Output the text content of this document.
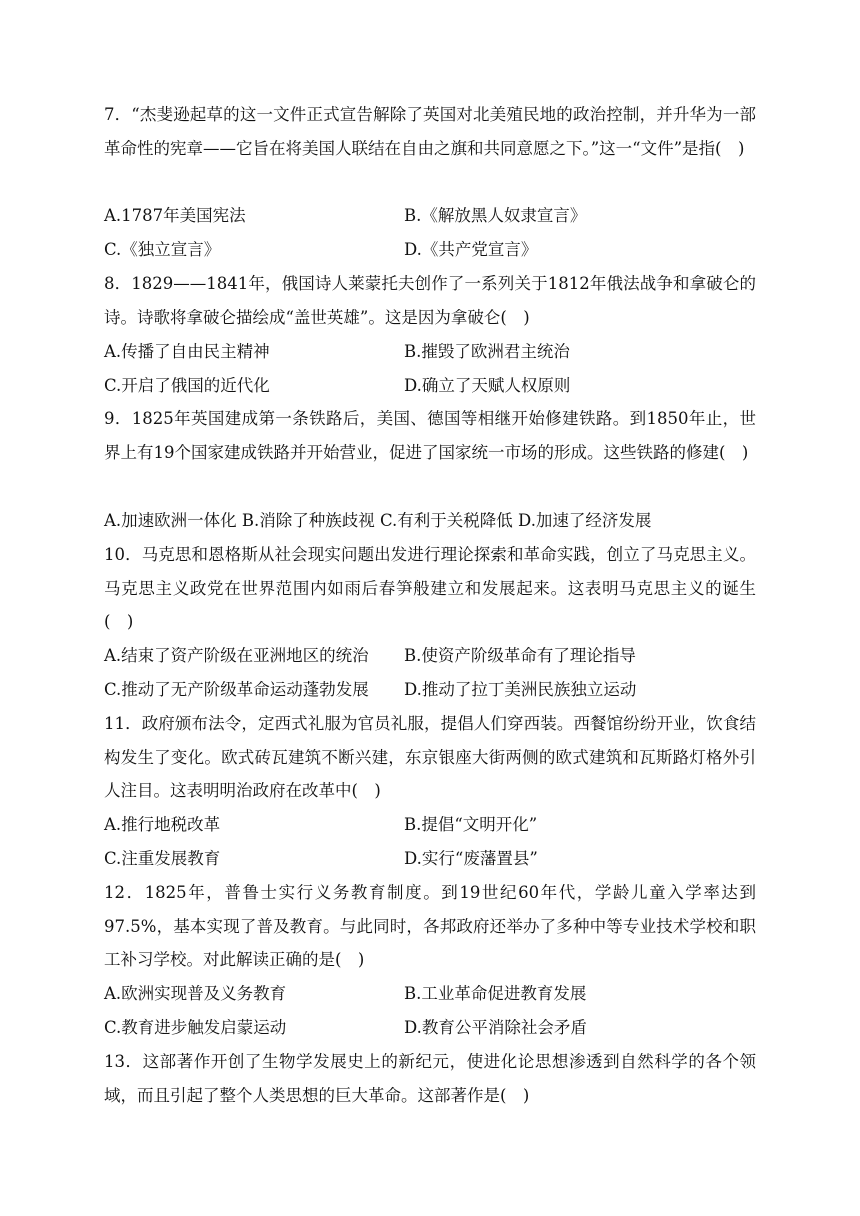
7．“杰斐逊起草的这一文件正式宣告解除了英国对北美殖民地的政治控制，并升华为一部革命性的宪章——它旨在将美国人联结在自由之旗和共同意愿之下。”这一“文件”是指(　)
A.1787年美国宪法	B.《解放黑人奴隶宣言》
C.《独立宣言》	D.《共产党宣言》
8．1829——1841年，俄国诗人莱蒙托夫创作了一系列关于1812年俄法战争和拿破仑的诗。诗歌将拿破仑描绘成“盖世英雄”。这是因为拿破仑(　)
A.传播了自由民主精神	B.摧毁了欧洲君主统治
C.开启了俄国的近代化	D.确立了天赋人权原则
9．1825年英国建成第一条铁路后，美国、德国等相继开始修建铁路。到1850年止，世界上有19个国家建成铁路并开始营业，促进了国家统一市场的形成。这些铁路的修建(　)
A.加速欧洲一体化 B.消除了种族歧视 C.有利于关税降低 D.加速了经济发展
10．马克思和恩格斯从社会现实问题出发进行理论探索和革命实践，创立了马克思主义。马克思主义政党在世界范围内如雨后春笋般建立和发展起来。这表明马克思主义的诞生(　)
A.结束了资产阶级在亚洲地区的统治 B.使资产阶级革命有了理论指导
C.推动了无产阶级革命运动蓬勃发展 D.推动了拉丁美洲民族独立运动
11．政府颁布法令，定西式礼服为官员礼服，提倡人们穿西装。西餐馆纷纷开业，饮食结构发生了变化。欧式砖瓦建筑不断兴建，东京银座大街两侧的欧式建筑和瓦斯路灯格外引人注目。这表明明治政府在改革中(　)
A.推行地税改革	B.提倡“文明开化”
C.注重发展教育	D.实行“废藩置县”
12．1825年，普鲁士实行义务教育制度。到19世纪60年代，学龄儿童入学率达到97.5%，基本实现了普及教育。与此同时，各邦政府还举办了多种中等专业技术学校和职工补习学校。对此解读正确的是(　)
A.欧洲实现普及义务教育	B.工业革命促进教育发展
C.教育进步触发启蒙运动	D.教育公平消除社会矛盾
13．这部著作开创了生物学发展史上的新纪元，使进化论思想渗透到自然科学的各个领域，而且引起了整个人类思想的巨大革命。这部著作是(　)
